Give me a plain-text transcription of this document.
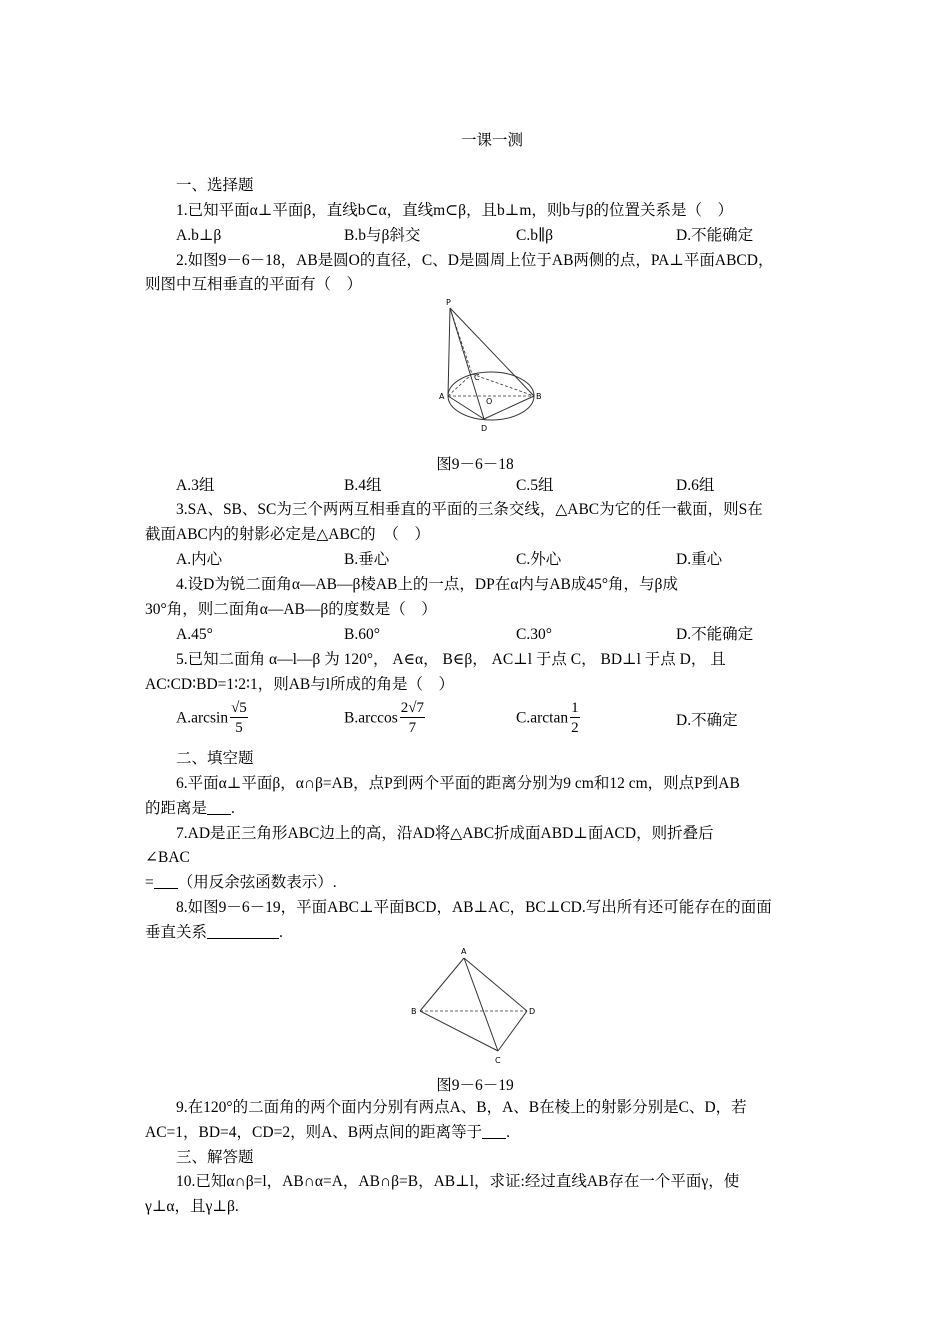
一课一测
一、选择题
1.已知平面α⊥平面β，直线b⊂α，直线m⊂β，且b⊥m，则b与β的位置关系是（　）
A.b⊥β	B.b与β斜交	C.b∥β	D.不能确定
2.如图9－6－18，AB是圆O的直径，C、D是圆周上位于AB两侧的点，PA⊥平面ABCD，
则图中互相垂直的平面有（　）
P
A	B
C
O
D
图9－6－18
A.3组	B.4组	C.5组	D.6组
3.SA、SB、SC为三个两两互相垂直的平面的三条交线，△ABC为它的任一截面，则S在
截面ABC内的射影必定是△ABC的　（　）
A.内心	B.垂心	C.外心	D.重心
4.设D为锐二面角α—AB—β棱AB上的一点，DP在α内与AB成45°角，与β成
30°角，则二面角α—AB—β的度数是（　）
A.45°	B.60°	C.30°	D.不能确定
5.已知二面角 α—l—β 为 120°， A∈α， B∈β， AC⊥l 于点 C， BD⊥l 于点 D， 且
AC∶CD∶BD=1∶2∶1，则AB与l所成的角是（　）
$A.\arcsin \frac{√5}{5}$	$B.\arccos \frac{2√7}{7}$	$C.\arctan \frac{1}{2}$	D.不确定
二、填空题
6.平面α⊥平面β，α∩β=AB，点P到两个平面的距离分别为9 cm和12 cm，则点P到AB
的距离是 .
7.AD是正三角形ABC边上的高，沿AD将△ABC折成面ABD⊥面ACD，则折叠后
∠BAC
= （用反余弦函数表示）.
8.如图9－6－19，平面ABC⊥平面BCD，AB⊥AC，BC⊥CD.写出所有还可能存在的面面
垂直关系	.
A
B	D
C
图9－6－19
9.在120°的二面角的两个面内分别有两点A、B，A、B在棱上的射影分别是C、D，若
AC=1，BD=4，CD=2，则A、B两点间的距离等于 .
三、解答题
10.已知α∩β=l，AB∩α=A，AB∩β=B，AB⊥l，求证:经过直线AB存在一个平面γ，使
γ⊥α，且γ⊥β.
